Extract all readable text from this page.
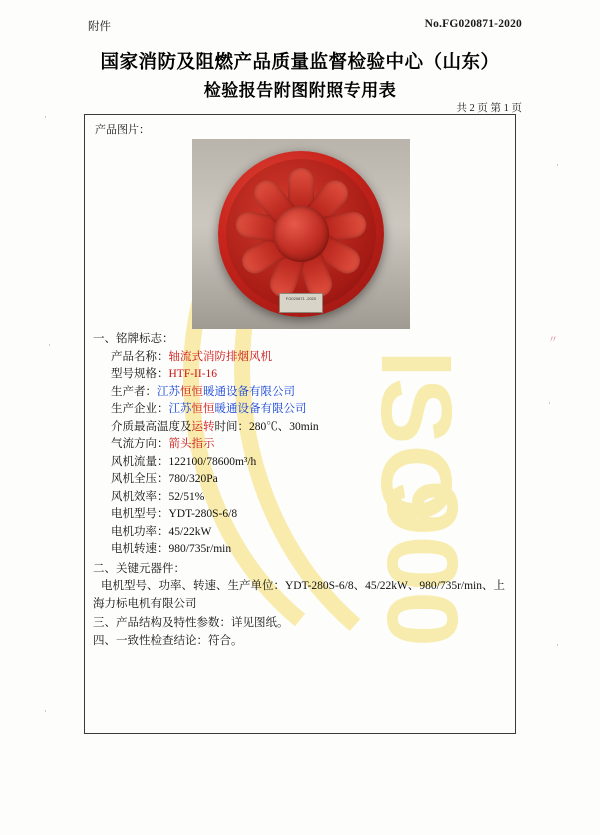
ISO
9001
附件	No.FG020871-2020
国家消防及阻燃产品质量监督检验中心（山东）
检验报告附图附照专用表
共 2 页 第 1 页
产品图片：
FG020871 -2020
一、铭牌标志：
产品名称：轴流式消防排烟风机
型号规格：HTF-II-16
生产者：江苏恒恒暖通设备有限公司
生产企业：江苏恒恒暖通设备有限公司
介质最高温度及运转时间：280℃、30min
气流方向：箭头指示
风机流量：122100/78600m³/h
风机全压：780/320Pa
风机效率：52/51%
电机型号：YDT-280S-6/8
电机功率：45/22kW
电机转速：980/735r/min
二、关键元器件：
电机型号、功率、转速、生产单位：YDT-280S-6/8、45/22kW、980/735r/min、上
海力标电机有限公司
三、产品结构及特性参数：详见图纸。
四、一致性检查结论：符合。
·
·
·
·
·
·
〃
